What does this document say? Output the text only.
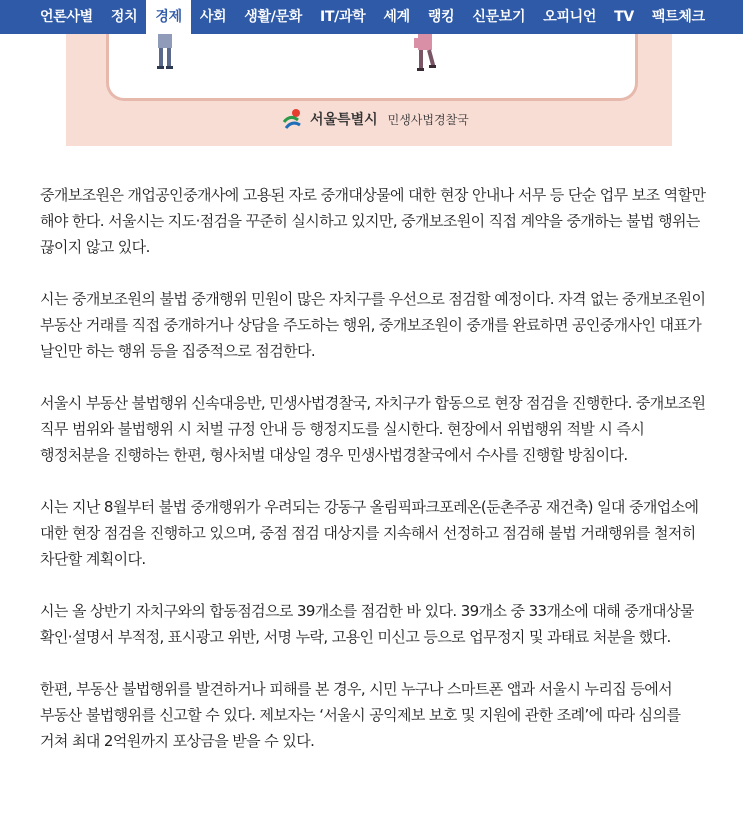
언론사별	정치	경제	사회	생활/문화	IT/과학	세계	랭킹	신문보기	오피니언	TV	팩트체크
서울특별시 민생사법경찰국

중개보조원은 개업공인중개사에 고용된 자로 중개대상물에 대한 현장 안내나 서무 등 단순 업무 보조 역할만 해야 한다. 서울시는 지도·점검을 꾸준히 실시하고 있지만, 중개보조원이 직접 계약을 중개하는 불법 행위는 끊이지 않고 있다.

시는 중개보조원의 불법 중개행위 민원이 많은 자치구를 우선으로 점검할 예정이다. 자격 없는 중개보조원이 부동산 거래를 직접 중개하거나 상담을 주도하는 행위, 중개보조원이 중개를 완료하면 공인중개사인 대표가 날인만 하는 행위 등을 집중적으로 점검한다.

서울시 부동산 불법행위 신속대응반, 민생사법경찰국, 자치구가 합동으로 현장 점검을 진행한다. 중개보조원 직무 범위와 불법행위 시 처벌 규정 안내 등 행정지도를 실시한다. 현장에서 위법행위 적발 시 즉시 행정처분을 진행하는 한편, 형사처벌 대상일 경우 민생사법경찰국에서 수사를 진행할 방침이다.

시는 지난 8월부터 불법 중개행위가 우려되는 강동구 올림픽파크포레온(둔촌주공 재건축) 일대 중개업소에 대한 현장 점검을 진행하고 있으며, 중점 점검 대상지를 지속해서 선정하고 점검해 불법 거래행위를 철저히 차단할 계획이다.

시는 올 상반기 자치구와의 합동점검으로 39개소를 점검한 바 있다. 39개소 중 33개소에 대해 중개대상물 확인·설명서 부적정, 표시광고 위반, 서명 누락, 고용인 미신고 등으로 업무정지 및 과태료 처분을 했다.

한편, 부동산 불법행위를 발견하거나 피해를 본 경우, 시민 누구나 스마트폰 앱과 서울시 누리집 등에서 부동산 불법행위를 신고할 수 있다. 제보자는 ‘서울시 공익제보 보호 및 지원에 관한 조례’에 따라 심의를 거쳐 최대 2억원까지 포상금을 받을 수 있다.
